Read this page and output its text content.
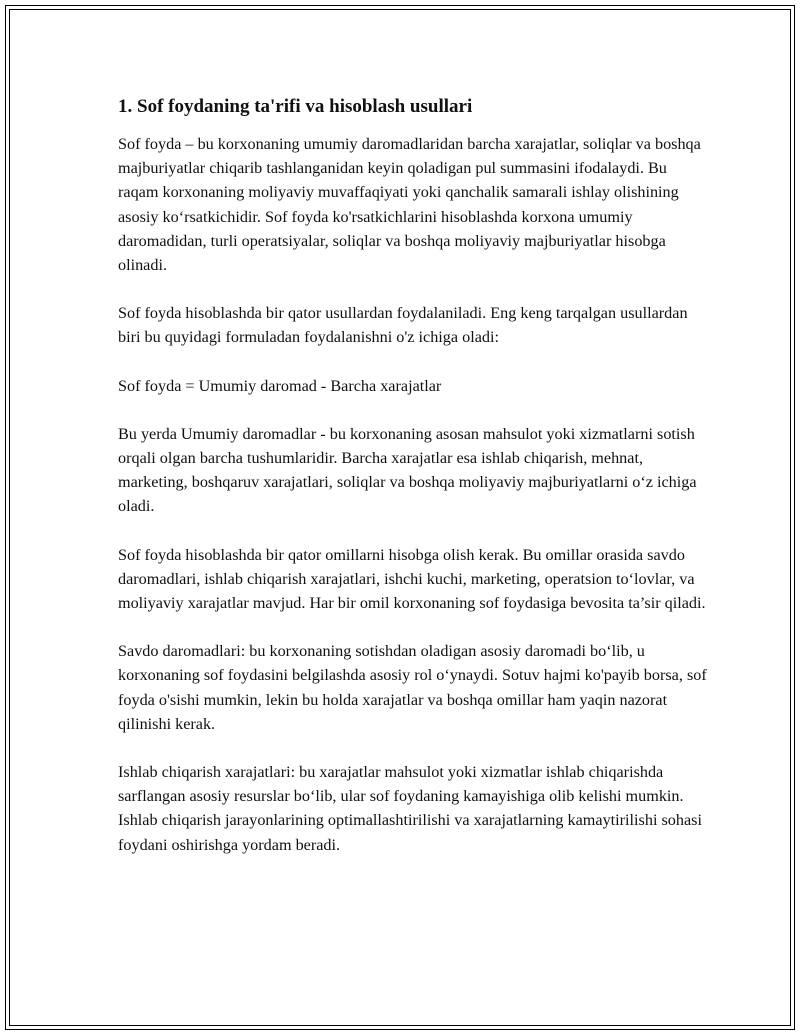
1. Sof foydaning ta'rifi va hisoblash usullari

Sof foyda – bu korxonaning umumiy daromadlaridan barcha xarajatlar, soliqlar va boshqa majburiyatlar chiqarib tashlanganidan keyin qoladigan pul summasini ifodalaydi. Bu raqam korxonaning moliyaviy muvaffaqiyati yoki qanchalik samarali ishlay olishining asosiy ko‘rsatkichidir. Sof foyda ko'rsatkichlarini hisoblashda korxona umumiy daromadidan, turli operatsiyalar, soliqlar va boshqa moliyaviy majburiyatlar hisobga olinadi.

Sof foyda hisoblashda bir qator usullardan foydalaniladi. Eng keng tarqalgan usullardan biri bu quyidagi formuladan foydalanishni o'z ichiga oladi:

Sof foyda = Umumiy daromad - Barcha xarajatlar

Bu yerda Umumiy daromadlar - bu korxonaning asosan mahsulot yoki xizmatlarni sotish orqali olgan barcha tushumlaridir. Barcha xarajatlar esa ishlab chiqarish, mehnat, marketing, boshqaruv xarajatlari, soliqlar va boshqa moliyaviy majburiyatlarni o‘z ichiga oladi.

Sof foyda hisoblashda bir qator omillarni hisobga olish kerak. Bu omillar orasida savdo daromadlari, ishlab chiqarish xarajatlari, ishchi kuchi, marketing, operatsion to‘lovlar, va moliyaviy xarajatlar mavjud. Har bir omil korxonaning sof foydasiga bevosita ta’sir qiladi.

Savdo daromadlari: bu korxonaning sotishdan oladigan asosiy daromadi bo‘lib, u korxonaning sof foydasini belgilashda asosiy rol o‘ynaydi. Sotuv hajmi ko'payib borsa, sof foyda o'sishi mumkin, lekin bu holda xarajatlar va boshqa omillar ham yaqin nazorat qilinishi kerak.

Ishlab chiqarish xarajatlari: bu xarajatlar mahsulot yoki xizmatlar ishlab chiqarishda sarflangan asosiy resurslar bo‘lib, ular sof foydaning kamayishiga olib kelishi mumkin. Ishlab chiqarish jarayonlarining optimallashtirilishi va xarajatlarning kamaytirilishi sohasi foydani oshirishga yordam beradi.
